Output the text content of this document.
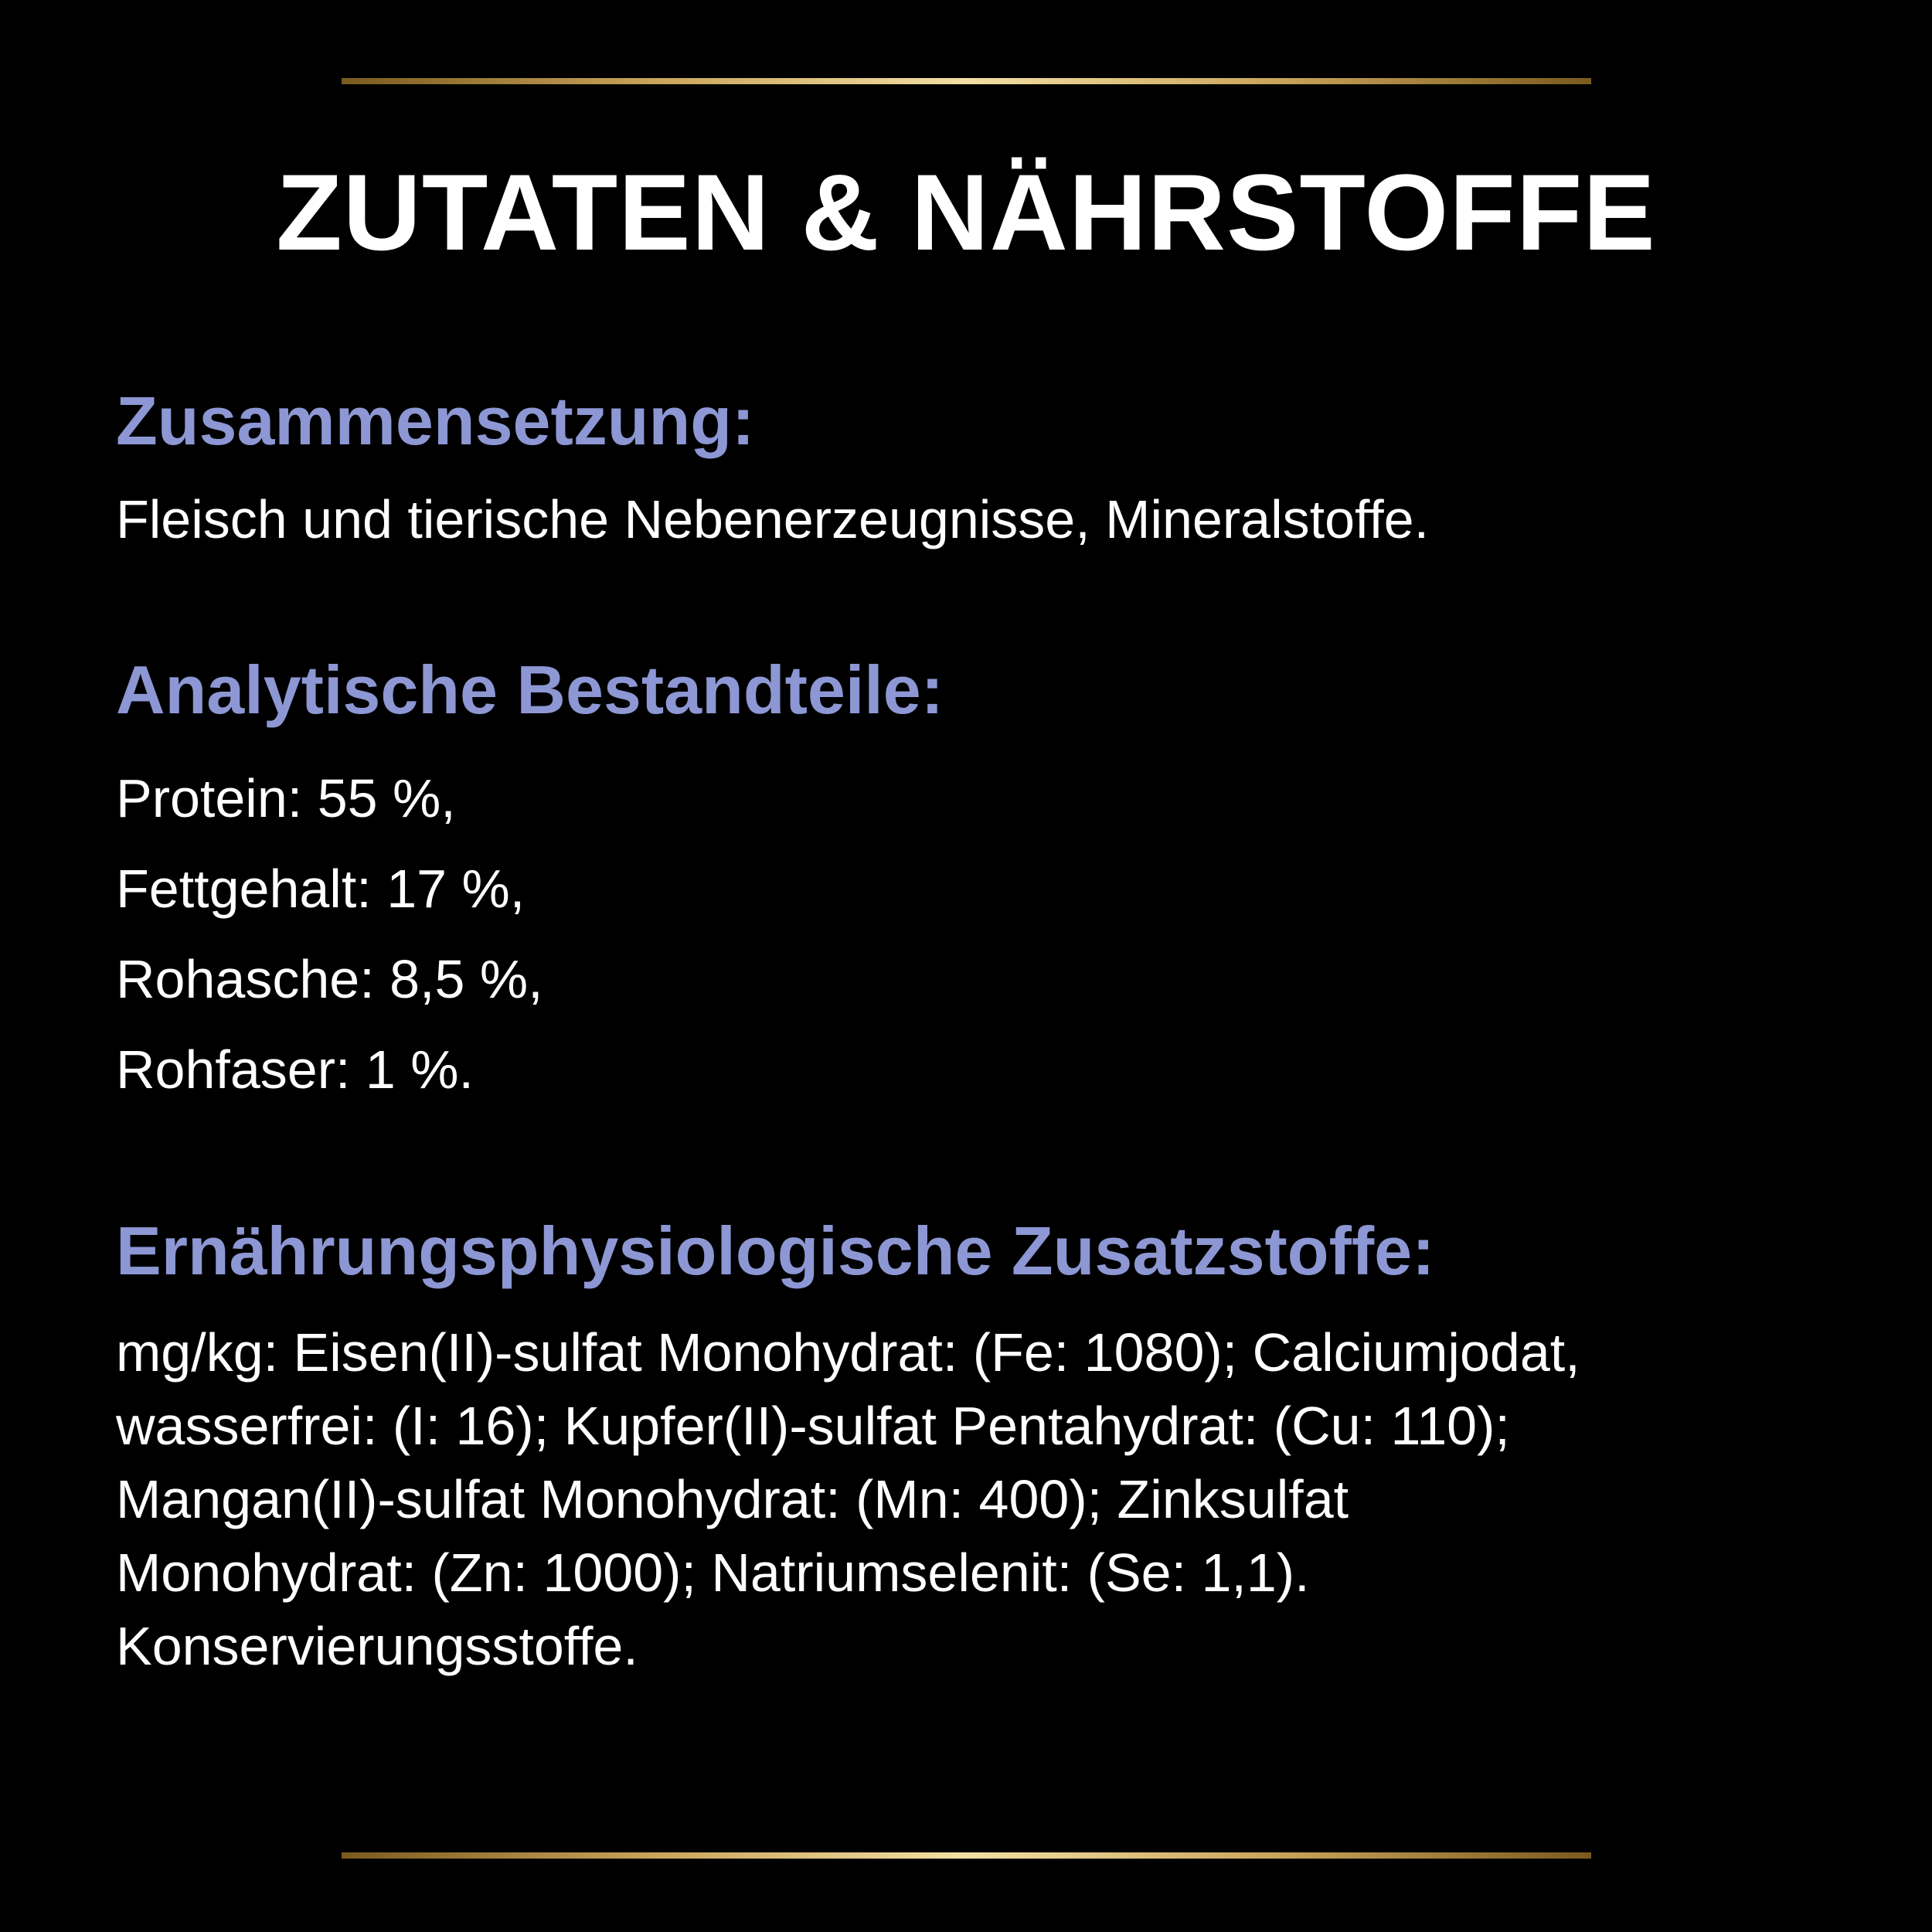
ZUTATEN & NÄHRSTOFFE
Zusammensetzung:

Fleisch und tierische Nebenerzeugnisse, Mineralstoffe.

Analytische Bestandteile:
Protein: 55 %,
Fettgehalt: 17 %,
Rohasche: 8,5 %,
Rohfaser: 1 %.
Ernährungsphysiologische Zusatzstoffe:

mg/kg: Eisen(II)-sulfat Monohydrat: (Fe: 1080); Calciumjodat,
wasserfrei: (I: 16); Kupfer(II)-sulfat Pentahydrat: (Cu: 110);
Mangan(II)-sulfat Monohydrat: (Mn: 400); Zinksulfat
Monohydrat: (Zn: 1000); Natriumselenit: (Se: 1,1).
Konservierungsstoffe.
